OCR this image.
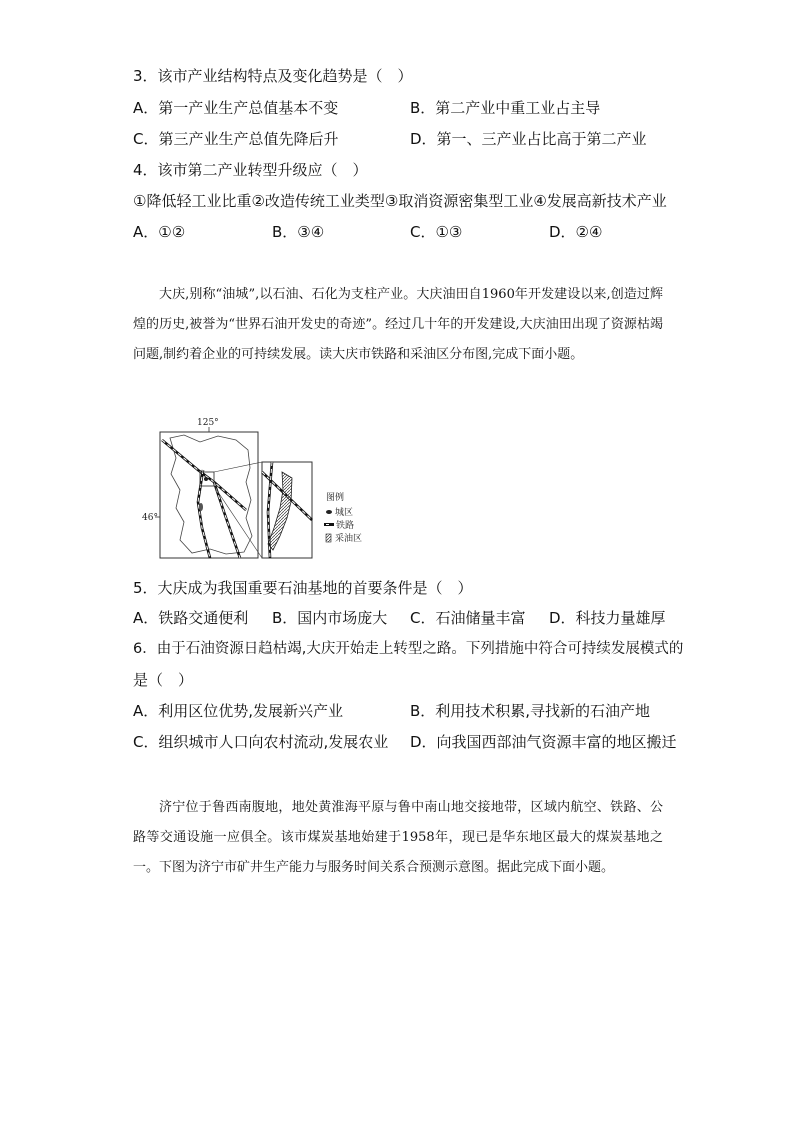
3．该市产业结构特点及变化趋势是（　）
A．第一产业生产总值基本不变	B．第二产业中重工业占主导
C．第三产业生产总值先降后升	D．第一、三产业占比高于第二产业
4．该市第二产业转型升级应（　）
①降低轻工业比重②改造传统工业类型③取消资源密集型工业④发展高新技术产业
A．①②	B．③④	C．①③	D．②④
大庆,别称“油城”,以石油、石化为支柱产业。大庆油田自1960年开发建设以来,创造过辉煌的历史,被誉为“世界石油开发史的奇迹”。经过几十年的开发建设,大庆油田出现了资源枯竭问题,制约着企业的可持续发展。读大庆市铁路和采油区分布图,完成下面小题。
125°
46°
图例
城区
铁路
采油区
5．大庆成为我国重要石油基地的首要条件是（　）
A．铁路交通便利 B．国内市场庞大 C．石油储量丰富 D．科技力量雄厚
6．由于石油资源日趋枯竭,大庆开始走上转型之路。下列措施中符合可持续发展模式的
是（　）
A．利用区位优势,发展新兴产业	B．利用技术积累,寻找新的石油产地
C．组织城市人口向农村流动,发展农业 D．向我国西部油气资源丰富的地区搬迁
济宁位于鲁西南腹地，地处黄淮海平原与鲁中南山地交接地带，区域内航空、铁路、公路等交通设施一应俱全。该市煤炭基地始建于1958年，现已是华东地区最大的煤炭基地之一。下图为济宁市矿井生产能力与服务时间关系合预测示意图。据此完成下面小题。
